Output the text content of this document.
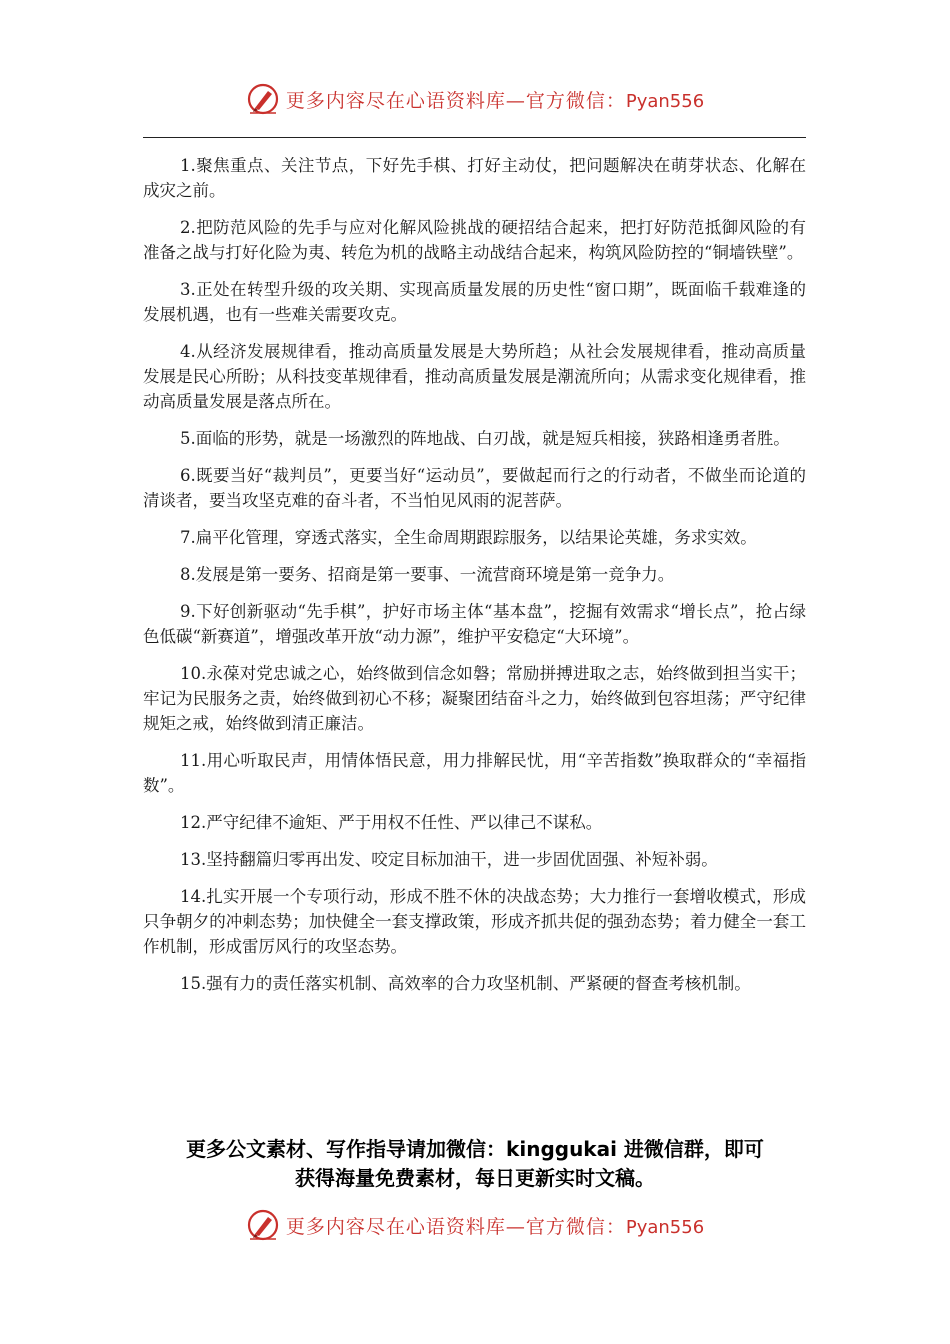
更多内容尽在心语资料库—官方微信：Pyan556

1.聚焦重点、关注节点，下好先手棋、打好主动仗，把问题解决在萌芽状态、化解在成灾之前。

2.把防范风险的先手与应对化解风险挑战的硬招结合起来，把打好防范抵御风险的有准备之战与打好化险为夷、转危为机的战略主动战结合起来，构筑风险防控的“铜墙铁壁”。

3.正处在转型升级的攻关期、实现高质量发展的历史性“窗口期”，既面临千载难逢的发展机遇，也有一些难关需要攻克。

4.从经济发展规律看，推动高质量发展是大势所趋；从社会发展规律看，推动高质量发展是民心所盼；从科技变革规律看，推动高质量发展是潮流所向；从需求变化规律看，推动高质量发展是落点所在。

5.面临的形势，就是一场激烈的阵地战、白刃战，就是短兵相接，狭路相逢勇者胜。

6.既要当好“裁判员”，更要当好“运动员”，要做起而行之的行动者，不做坐而论道的清谈者，要当攻坚克难的奋斗者，不当怕见风雨的泥菩萨。

7.扁平化管理，穿透式落实，全生命周期跟踪服务，以结果论英雄，务求实效。

8.发展是第一要务、招商是第一要事、一流营商环境是第一竞争力。

9.下好创新驱动“先手棋”，护好市场主体“基本盘”，挖掘有效需求“增长点”，抢占绿色低碳“新赛道”，增强改革开放“动力源”，维护平安稳定“大环境”。

10.永葆对党忠诚之心，始终做到信念如磐；常励拼搏进取之志，始终做到担当实干；牢记为民服务之责，始终做到初心不移；凝聚团结奋斗之力，始终做到包容坦荡；严守纪律规矩之戒，始终做到清正廉洁。

11.用心听取民声，用情体悟民意，用力排解民忧，用“辛苦指数”换取群众的“幸福指数”。

12.严守纪律不逾矩、严于用权不任性、严以律己不谋私。

13.坚持翻篇归零再出发、咬定目标加油干，进一步固优固强、补短补弱。

14.扎实开展一个专项行动，形成不胜不休的决战态势；大力推行一套增收模式，形成只争朝夕的冲刺态势；加快健全一套支撑政策，形成齐抓共促的强劲态势；着力健全一套工作机制，形成雷厉风行的攻坚态势。

15.强有力的责任落实机制、高效率的合力攻坚机制、严紧硬的督查考核机制。

更多公文素材、写作指导请加微信：kinggukai 进微信群，即可
获得海量免费素材，每日更新实时文稿。
更多内容尽在心语资料库—官方微信：Pyan556
